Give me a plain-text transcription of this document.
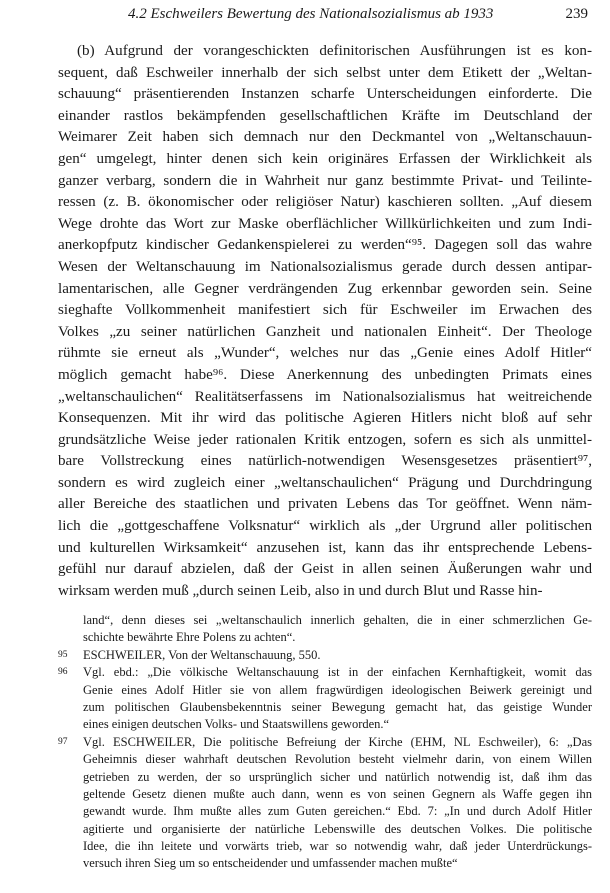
4.2 Eschweilers Bewertung des Nationalsozialismus ab 1933	239
(b) Aufgrund der vorangeschickten definitorischen Ausführungen ist es kon-
sequent, daß Eschweiler innerhalb der sich selbst unter dem Etikett der „Weltan-
schauung“ präsentierenden Instanzen scharfe Unterscheidungen einforderte. Die
einander rastlos bekämpfenden gesellschaftlichen Kräfte im Deutschland der
Weimarer Zeit haben sich demnach nur den Deckmantel von „Weltanschauun-
gen“ umgelegt, hinter denen sich kein originäres Erfassen der Wirklichkeit als
ganzer verbarg, sondern die in Wahrheit nur ganz bestimmte Privat- und Teilinte-
ressen (z. B. ökonomischer oder religiöser Natur) kaschieren sollten. „Auf diesem
Wege drohte das Wort zur Maske oberflächlicher Willkürlichkeiten und zum Indi-
anerkopfputz kindischer Gedankenspielerei zu werden“⁹⁵. Dagegen soll das wahre
Wesen der Weltanschauung im Nationalsozialismus gerade durch dessen antipar-
lamentarischen, alle Gegner verdrängenden Zug erkennbar geworden sein. Seine
sieghafte Vollkommenheit manifestiert sich für Eschweiler im Erwachen des
Volkes „zu seiner natürlichen Ganzheit und nationalen Einheit“. Der Theologe
rühmte sie erneut als „Wunder“, welches nur das „Genie eines Adolf Hitler“
möglich gemacht habe⁹⁶. Diese Anerkennung des unbedingten Primats eines
„weltanschaulichen“ Realitätserfassens im Nationalsozialismus hat weitreichende
Konsequenzen. Mit ihr wird das politische Agieren Hitlers nicht bloß auf sehr
grundsätzliche Weise jeder rationalen Kritik entzogen, sofern es sich als unmittel-
bare Vollstreckung eines natürlich-notwendigen Wesensgesetzes präsentiert⁹⁷,
sondern es wird zugleich einer „weltanschaulichen“ Prägung und Durchdringung
aller Bereiche des staatlichen und privaten Lebens das Tor geöffnet. Wenn näm-
lich die „gottgeschaffene Volksnatur“ wirklich als „der Urgrund aller politischen
und kulturellen Wirksamkeit“ anzusehen ist, kann das ihr entsprechende Lebens-
gefühl nur darauf abzielen, daß der Geist in allen seinen Äußerungen wahr und
wirksam werden muß „durch seinen Leib, also in und durch Blut und Rasse hin-
land“, denn dieses sei „weltanschaulich innerlich gehalten, die in einer schmerzlichen Ge-
schichte bewährte Ehre Polens zu achten“.
95	ESCHWEILER, Von der Weltanschauung, 550.
96	Vgl. ebd.: „Die völkische Weltanschauung ist in der einfachen Kernhaftigkeit, womit das
Genie eines Adolf Hitler sie von allem fragwürdigen ideologischen Beiwerk gereinigt und
zum politischen Glaubensbekenntnis seiner Bewegung gemacht hat, das geistige Wunder
eines einigen deutschen Volks- und Staatswillens geworden.“
97	Vgl. ESCHWEILER, Die politische Befreiung der Kirche (EHM, NL Eschweiler), 6: „Das
Geheimnis dieser wahrhaft deutschen Revolution besteht vielmehr darin, von einem Willen
getrieben zu werden, der so ursprünglich sicher und natürlich notwendig ist, daß ihm das
geltende Gesetz dienen mußte auch dann, wenn es von seinen Gegnern als Waffe gegen ihn
gewandt wurde. Ihm mußte alles zum Guten gereichen.“ Ebd. 7: „In und durch Adolf Hitler
agitierte und organisierte der natürliche Lebenswille des deutschen Volkes. Die politische
Idee, die ihn leitete und vorwärts trieb, war so notwendig wahr, daß jeder Unterdrückungs-
versuch ihren Sieg um so entscheidender und umfassender machen mußte“
